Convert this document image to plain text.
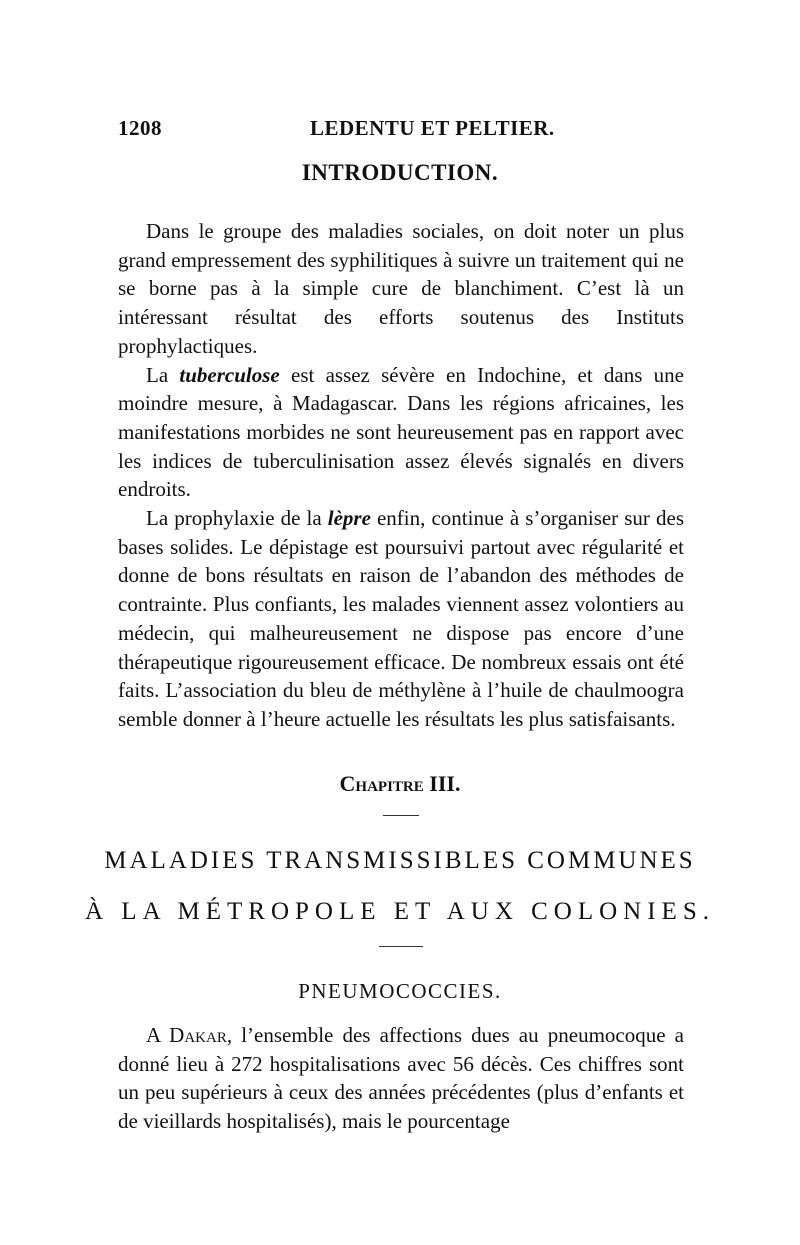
1208	LEDENTU ET PELTIER.
INTRODUCTION.

Dans le groupe des maladies sociales, on doit noter un plus grand empressement des syphilitiques à suivre un traitement qui ne se borne pas à la simple cure de blanchiment. C’est là un intéressant résultat des efforts soutenus des Instituts prophylactiques.

La tuberculose est assez sévère en Indochine, et dans une moindre mesure, à Madagascar. Dans les régions africaines, les manifestations morbides ne sont heureusement pas en rapport avec les indices de tuberculinisation assez élevés signalés en divers endroits.

La prophylaxie de la lèpre enfin, continue à s’organiser sur des bases solides. Le dépistage est poursuivi partout avec régularité et donne de bons résultats en raison de l’abandon des méthodes de contrainte. Plus confiants, les malades viennent assez volontiers au médecin, qui malheureusement ne dispose pas encore d’une thérapeutique rigoureusement efficace. De nombreux essais ont été faits. L’association du bleu de méthylène à l’huile de chaulmoogra semble donner à l’heure actuelle les résultats les plus satisfaisants.

Chapitre III.
MALADIES TRANSMISSIBLES COMMUNES
À LA MÉTROPOLE ET AUX COLONIES.
PNEUMOCOCCIES.

A Dakar, l’ensemble des affections dues au pneumocoque a donné lieu à 272 hospitalisations avec 56 décès. Ces chiffres sont un peu supérieurs à ceux des années précédentes (plus d’enfants et de vieillards hospitalisés), mais le pourcentage
